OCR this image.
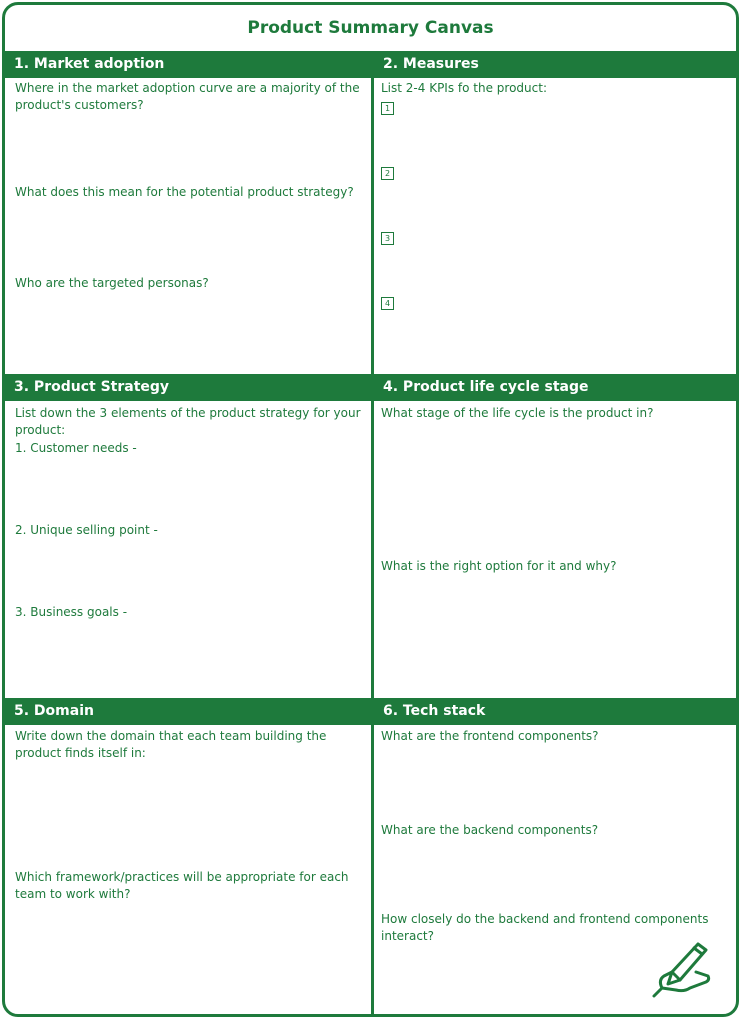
Product Summary Canvas
1. Market adoption	2. Measures
Where in the market adoption curve are a majority of the product's customers?
What does this mean for the potential product strategy?
Who are the targeted personas?
List 2-4 KPIs fo the product:
1
2
3
4
3. Product Strategy	4. Product life cycle stage
List down the 3 elements of the product strategy for your product:
1. Customer needs -
2. Unique selling point -
3. Business goals -
What stage of the life cycle is the product in?
What is the right option for it and why?
5. Domain	6. Tech stack
Write down the domain that each team building the product finds itself in:
Which framework/practices will be appropriate for each team to work with?
What are the frontend components?
What are the backend components?
How closely do the backend and frontend components interact?
